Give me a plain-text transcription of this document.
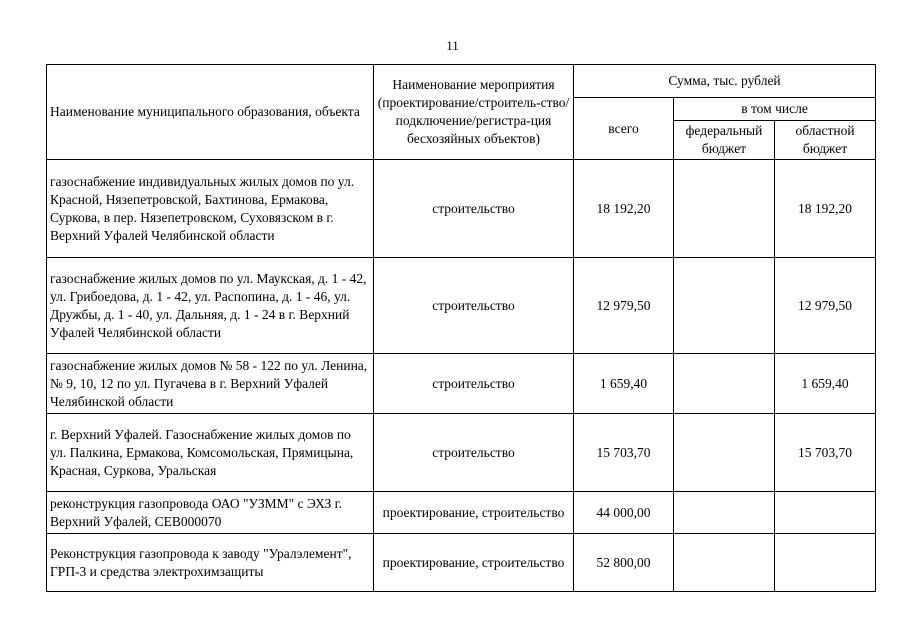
11
Наименование муниципального образования, объекта	Наименование мероприятия (проектирование/строитель-ство/подключение/регистра-ция бесхозяйных объектов)	Сумма, тыс. рублей		
		всего	в том числе	
			федеральный бюджет	областной бюджет
газоснабжение индивидуальных жилых домов по ул. Красной, Нязепетровской, Бахтинова, Ермакова, Суркова, в пер. Нязепетровском, Суховязском в г. Верхний Уфалей Челябинской области	строительство	18 192,20		18 192,20
газоснабжение жилых домов по ул. Маукская, д. 1 - 42, ул. Грибоедова, д. 1 - 42, ул. Распопина, д. 1 - 46, ул. Дружбы, д. 1 - 40, ул. Дальняя, д. 1 - 24 в г. Верхний Уфалей Челябинской области	строительство	12 979,50		12 979,50
газоснабжение жилых домов № 58 - 122 по ул. Ленина, № 9, 10, 12 по ул. Пугачева в г. Верхний Уфалей Челябинской области	строительство	1 659,40		1 659,40
г. Верхний Уфалей. Газоснабжение жилых домов по ул. Палкина, Ермакова, Комсомольская, Прямицына, Красная, Суркова, Уральская	строительство	15 703,70		15 703,70
реконструкция газопровода ОАО "УЗММ" с ЭХЗ г. Верхний Уфалей, СЕВ000070	проектирование, строительство	44 000,00		
Реконструкция газопровода к заводу "Уралэлемент", ГРП-3 и средства электрохимзащиты	проектирование, строительство	52 800,00		
